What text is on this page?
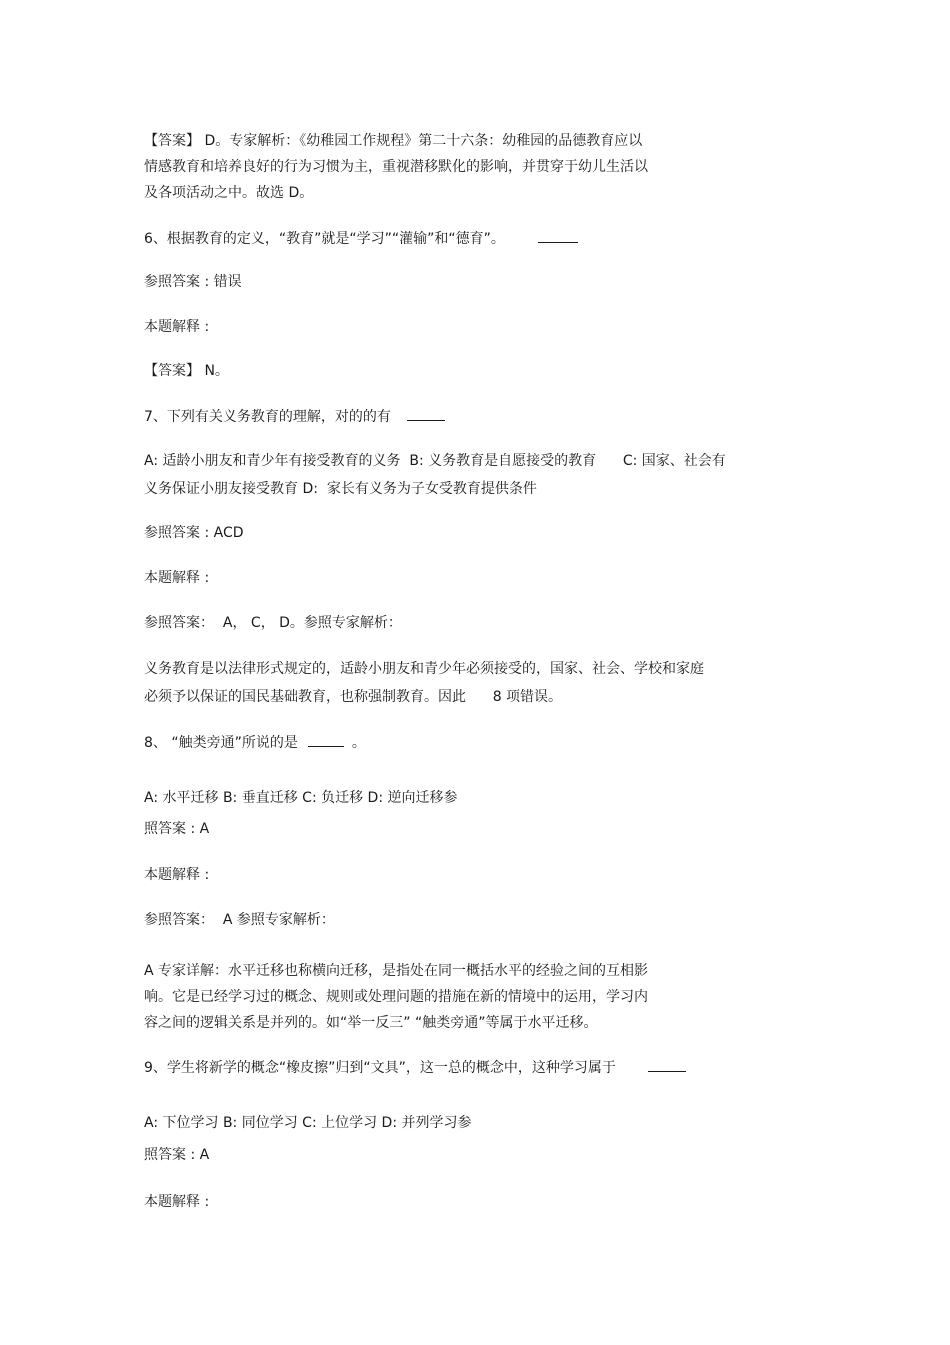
【答案】 D。专家解析：《幼稚园工作规程》第二十六条：幼稚园的品德教育应以

情感教育和培养良好的行为习惯为主，重视潜移默化的影响，并贯穿于幼儿生活以

及各项活动之中。故选 D。

6、根据教育的定义，“教育”就是“学习”“灌输”和“德育”。

参照答案 : 错误

本题解释 :

【答案】 N。

7、下列有关义务教育的理解，对的的有

A: 适龄小朋友和青少年有接受教育的义务  B: 义务教育是自愿接受的教育      C: 国家、社会有

义务保证小朋友接受教育 D:  家长有义务为子女受教育提供条件

参照答案 : ACD

本题解释 :

参照答案：  A， C， D。参照专家解析：

义务教育是以法律形式规定的，适龄小朋友和青少年必须接受的，国家、社会、学校和家庭

必须予以保证的国民基础教育，也称强制教育。因此      8 项错误。

8、 “触类旁通”所说的是	。

A: 水平迁移 B: 垂直迁移 C: 负迁移 D: 逆向迁移参

照答案 : A

本题解释 :

参照答案：  A 参照专家解析：

A 专家详解：水平迁移也称横向迁移，是指处在同一概括水平的经验之间的互相影

响。它是已经学习过的概念、规则或处理问题的措施在新的情境中的运用，学习内

容之间的逻辑关系是并列的。如“举一反三” “触类旁通”等属于水平迁移。

9、学生将新学的概念“橡皮擦”归到“文具”，这一总的概念中，这种学习属于

A: 下位学习 B: 同位学习 C: 上位学习 D: 并列学习参

照答案 : A

本题解释 :
